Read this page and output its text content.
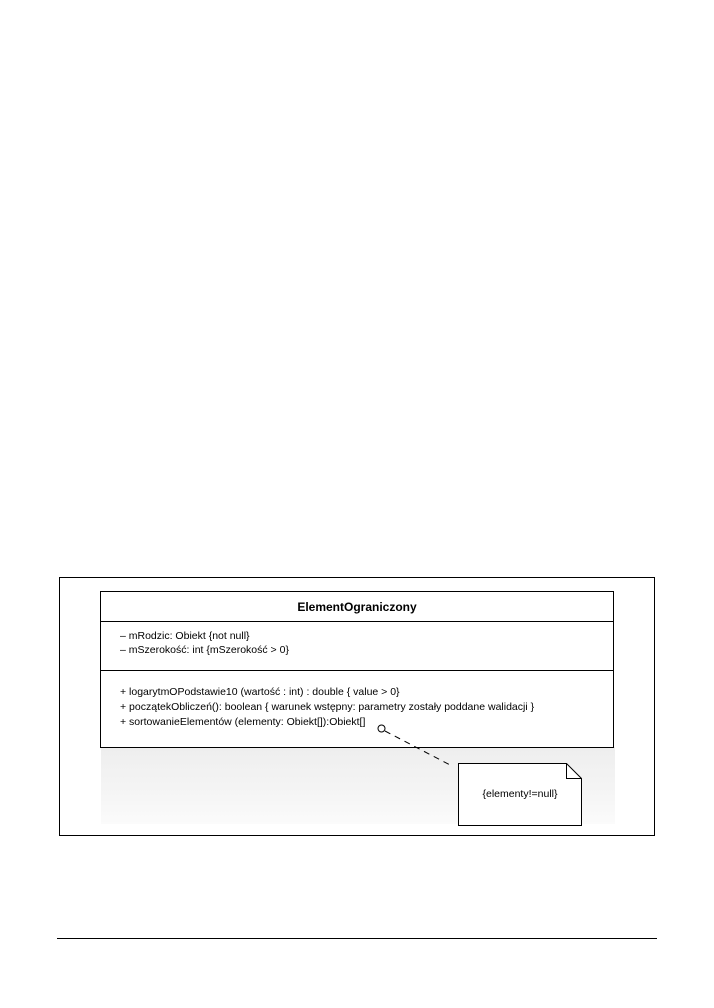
ElementOgraniczony
– mRodzic: Obiekt {not null}
– mSzerokość: int {mSzerokość > 0}
+ logarytmOPodstawie10 (wartość : int) : double { value > 0}
+ początekObliczeń(): boolean { warunek wstępny: parametry zostały poddane walidacji }
+ sortowanieElementów (elementy: Obiekt[]):Obiekt[]
{elementy!=null}
